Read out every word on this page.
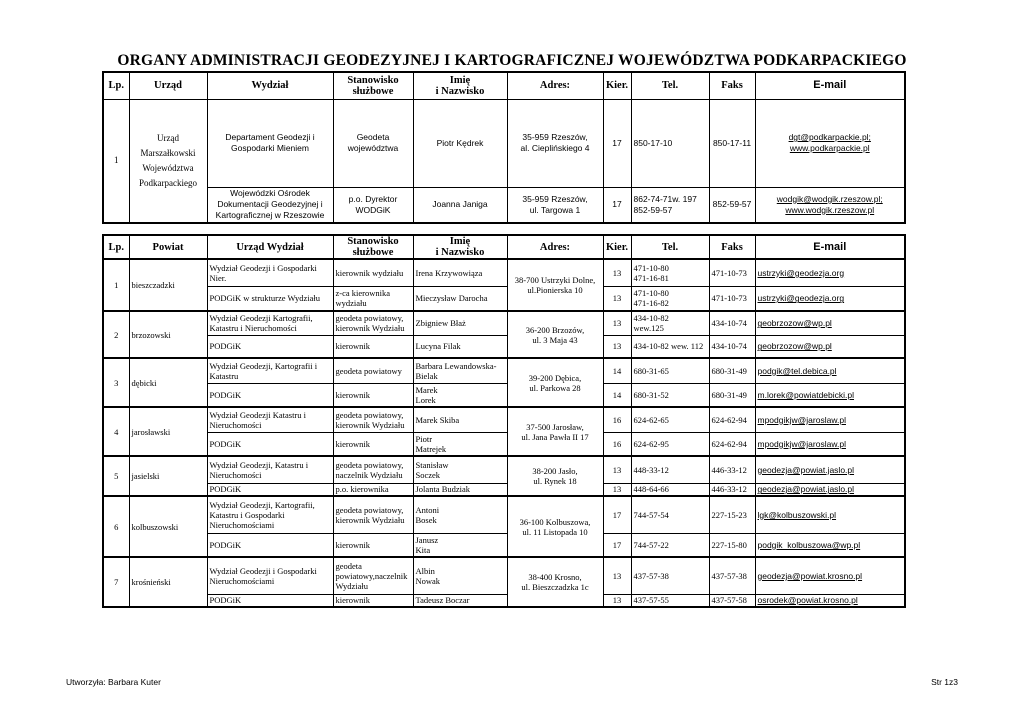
ORGANY ADMINISTRACJI GEODEZYJNEJ I KARTOGRAFICZNEJ WOJEWÓDZTWA PODKARPACKIEGO
Lp.	Urząd	Wydział	Stanowisko
służbowe	Imię
i Nazwisko	Adres:	Kier.	Tel.	Faks	E-mail
1	Urząd Marszałkowski
Województwa
Podkarpackiego	Departament Geodezji i
Gospodarki Mieniem	Geodeta
województwa	Piotr Kędrek	35-959 Rzeszów,
al. Cieplińskiego 4	17	850-17-10	850-17-11	dgt@podkarpackie.pl;
www.podkarpackie.pl
		Wojewódzki Ośrodek
Dokumentacji Geodezyjnej i
Kartograficznej w Rzeszowie	p.o. Dyrektor
WODGiK	Joanna Janiga	35-959 Rzeszów,
ul. Targowa 1	17	862-74-71w. 197
852-59-57	852-59-57	wodgik@wodgik.rzeszow.pl;
www.wodgik.rzeszow.pl
Lp.	Powiat	Urząd Wydział	Stanowisko
służbowe	Imię
i Nazwisko	Adres:	Kier.	Tel.	Faks	E-mail
1	bieszczadzki	Wydział Geodezji i Gospodarki
Nier.	kierownik wydziału	Irena Krzywowiąza	38-700 Ustrzyki Dolne,
ul.Pionierska 10	13	471-10-80
471-16-81	471-10-73	ustrzyki@geodezja.org
		PODGiK w strukturze Wydziału	z-ca kierownika
wydziału	Mieczysław Darocha		13	471-10-80
471-16-82	471-10-73	ustrzyki@geodezja.org
2	brzozowski	Wydział Geodezji Kartografii,
Katastru i Nieruchomości	geodeta powiatowy,
kierownik Wydziału	Zbigniew Błaż	36-200 Brzozów,
ul. 3 Maja 43	13	434-10-82
wew.125	434-10-74	geobrzozow@wp.pl
		PODGiK	kierownik	Lucyna Filak		13	434-10-82 wew. 112	434-10-74	geobrzozow@wp.pl
3	dębicki	Wydział Geodezji, Kartografii i
Katastru	geodeta powiatowy	Barbara Lewandowska-
Bielak	39-200 Dębica,
ul. Parkowa 28	14	680-31-65	680-31-49	podgik@tel.debica.pl
		PODGiK	kierownik	Marek
Lorek		14	680-31-52	680-31-49	m.lorek@powiatdebicki.pl
4	jarosławski	Wydział Geodezji Katastru i
Nieruchomości	geodeta powiatowy,
kierownik Wydziału	Marek Skiba	37-500 Jarosław,
ul. Jana Pawła II 17	16	624-62-65	624-62-94	mpodgikjw@jaroslaw.pl
		PODGiK	kierownik	Piotr
Matrejek		16	624-62-95	624-62-94	mpodgikjw@jaroslaw.pl
5	jasielski	Wydział Geodezji, Katastru i
Nieruchomości	geodeta powiatowy,
naczelnik Wydziału	Stanisław
Soczek	38-200 Jasło,
ul. Rynek 18	13	448-33-12	446-33-12	geodezja@powiat.jaslo.pl
		PODGiK	p.o. kierownika	Jolanta Budziak		13	448-64-66	446-33-12	geodezja@powiat.jaslo.pl
6	kolbuszowski	Wydział Geodezji, Kartografii,
Katastru i Gospodarki
Nieruchomościami	geodeta powiatowy,
kierownik Wydziału	Antoni
Bosek	36-100 Kolbuszowa,
ul. 11 Listopada 10	17	744-57-54	227-15-23	lgk@kolbuszowski.pl
		PODGiK	kierownik	Janusz
Kita		17	744-57-22	227-15-80	podgik_kolbuszowa@wp.pl
7	krośnieński	Wydział Geodezji i Gospodarki
Nieruchomościami	geodeta
powiatowy,naczelnik
Wydziału	Albin
Nowak	38-400 Krosno,
ul. Bieszczadzka 1c	13	437-57-38	437-57-38	geodezja@powiat.krosno.pl
		PODGiK	kierownik	Tadeusz Boczar		13	437-57-55	437-57-58	osrodek@powiat.krosno.pl
Utworzyła: Barbara Kuter	Str 1z3
